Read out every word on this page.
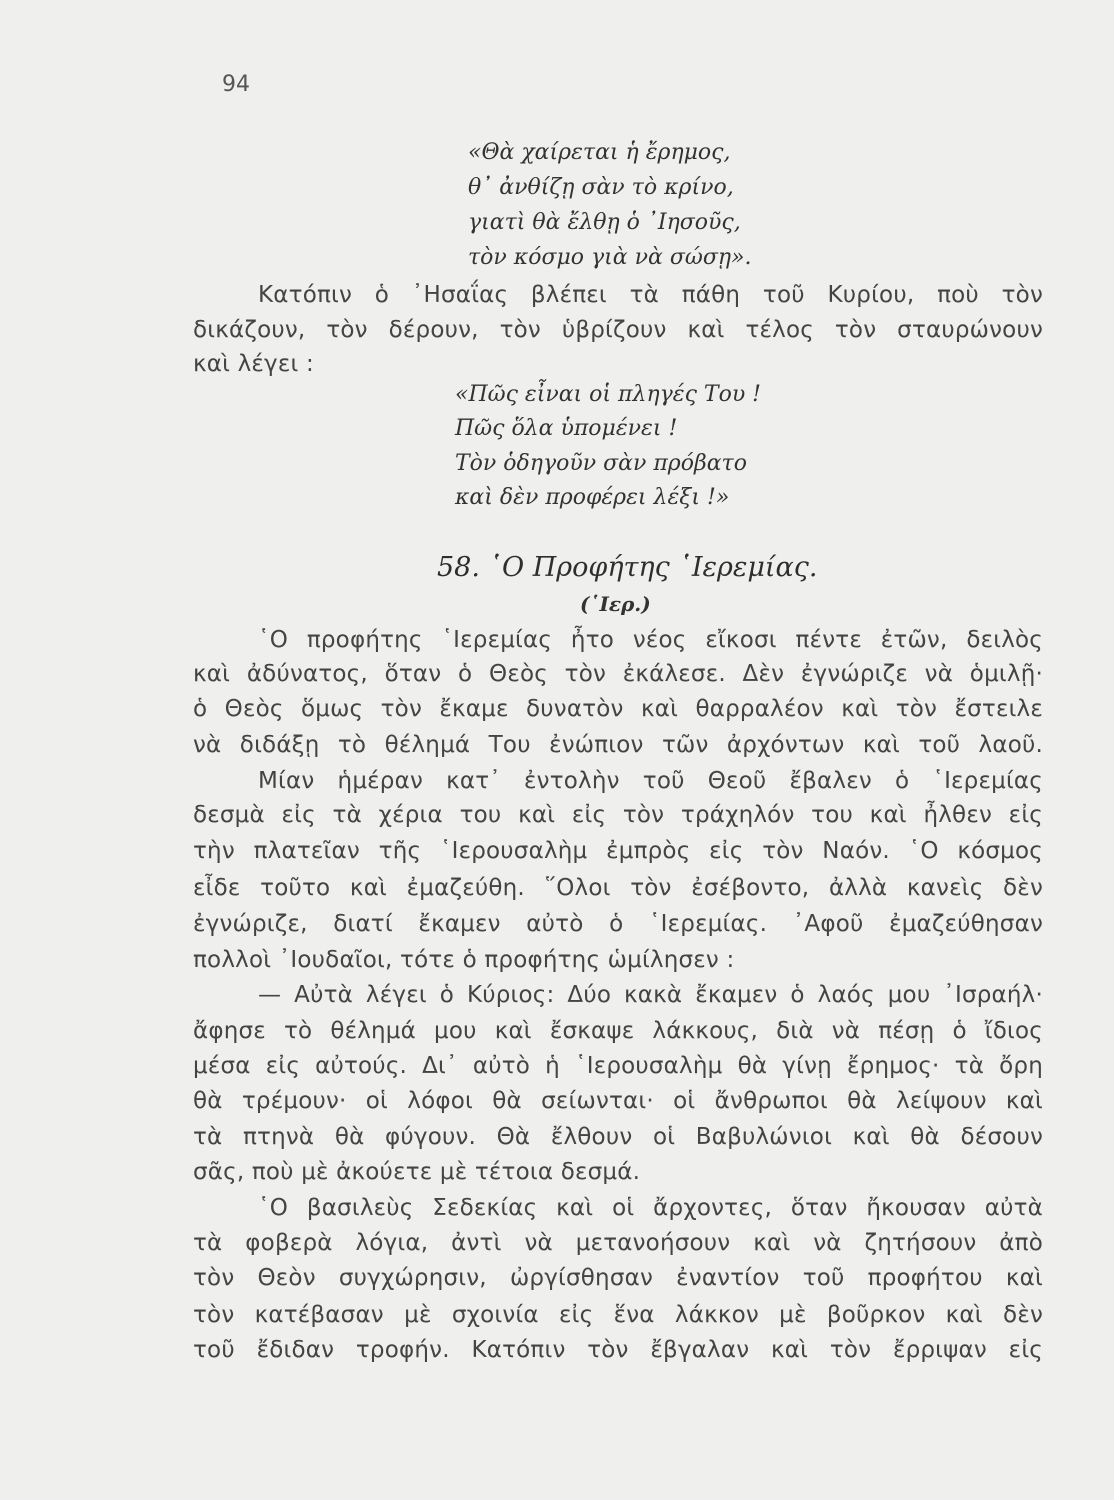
94
58. ῾Ο Προφήτης ῾Ιερεμίας.
(῾Ιερ.)
«Θὰ χαίρεται ἡ ἔρημος,
θ᾿ ἀνθίζῃ σὰν τὸ κρίνο,
γιατὶ θὰ ἔλθῃ ὁ ᾿Ιησοῦς,
τὸν κόσμο γιὰ νὰ σώσῃ».
Κατόπιν ὁ ᾿Ησαΐας βλέπει τὰ πάθη τοῦ Κυρίου, ποὺ τὸν
δικάζουν, τὸν δέρουν, τὸν ὑβρίζουν καὶ τέλος τὸν σταυρώνουν
καὶ λέγει :
«Πῶς εἶναι οἱ πληγές Του !
Πῶς ὅλα ὑπομένει !
Τὸν ὁδηγοῦν σὰν πρόβατο
καὶ δὲν προφέρει λέξι !»
῾Ο προφήτης ῾Ιερεμίας ἦτο νέος εἴκοσι πέντε ἐτῶν, δειλὸς
καὶ ἀδύνατος, ὅταν ὁ Θεὸς τὸν ἐκάλεσε. Δὲν ἐγνώριζε νὰ ὁμιλῇ·
ὁ Θεὸς ὅμως τὸν ἔκαμε δυνατὸν καὶ θαρραλέον καὶ τὸν ἔστειλε
νὰ διδάξῃ τὸ θέλημά Του ἐνώπιον τῶν ἀρχόντων καὶ τοῦ λαοῦ.
Μίαν ἡμέραν κατ᾿ ἐντολὴν τοῦ Θεοῦ ἔβαλεν ὁ ῾Ιερεμίας
δεσμὰ εἰς τὰ χέρια του καὶ εἰς τὸν τράχηλόν του καὶ ἦλθεν εἰς
τὴν πλατεῖαν τῆς ῾Ιερουσαλὴμ ἐμπρὸς εἰς τὸν Ναόν. ῾Ο κόσμος
εἶδε τοῦτο καὶ ἐμαζεύθη. ῞Ολοι τὸν ἐσέβοντο, ἀλλὰ κανεὶς δὲν
ἐγνώριζε, διατί ἔκαμεν αὐτὸ ὁ ῾Ιερεμίας. ᾿Αφοῦ ἐμαζεύθησαν
πολλοὶ ᾿Ιουδαῖοι, τότε ὁ προφήτης ὡμίλησεν :
— Αὐτὰ λέγει ὁ Κύριος: Δύο κακὰ ἔκαμεν ὁ λαός μου ᾿Ισραήλ·
ἄφησε τὸ θέλημά μου καὶ ἔσκαψε λάκκους, διὰ νὰ πέσῃ ὁ ἴδιος
μέσα εἰς αὐτούς. Δι᾿ αὐτὸ ἡ ῾Ιερουσαλὴμ θὰ γίνῃ ἔρημος· τὰ ὄρη
θὰ τρέμουν· οἱ λόφοι θὰ σείωνται· οἱ ἄνθρωποι θὰ λείψουν καὶ
τὰ πτηνὰ θὰ φύγουν. Θὰ ἔλθουν οἱ Βαβυλώνιοι καὶ θὰ δέσουν
σᾶς, ποὺ μὲ ἀκούετε μὲ τέτοια δεσμά.
῾Ο βασιλεὺς Σεδεκίας καὶ οἱ ἄρχοντες, ὅταν ἤκουσαν αὐτὰ
τὰ φοβερὰ λόγια, ἀντὶ νὰ μετανοήσουν καὶ νὰ ζητήσουν ἀπὸ
τὸν Θεὸν συγχώρησιν, ὠργίσθησαν ἐναντίον τοῦ προφήτου καὶ
τὸν κατέβασαν μὲ σχοινία εἰς ἕνα λάκκον μὲ βοῦρκον καὶ δὲν
τοῦ ἔδιδαν τροφήν. Κατόπιν τὸν ἔβγαλαν καὶ τὸν ἔρριψαν εἰς
